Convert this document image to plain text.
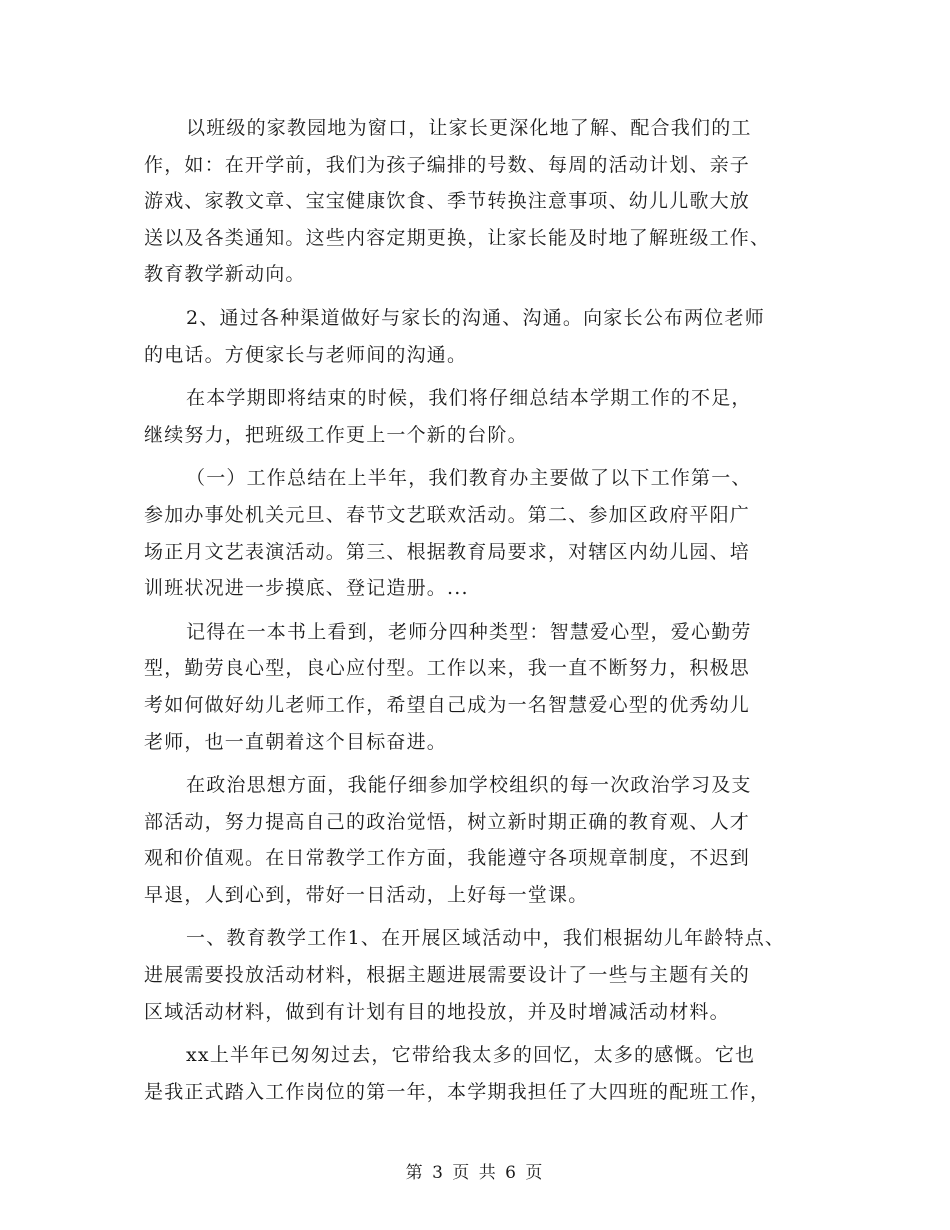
以班级的家教园地为窗口，让家长更深化地了解、配合我们的工
作，如：在开学前，我们为孩子编排的号数、每周的活动计划、亲子
游戏、家教文章、宝宝健康饮食、季节转换注意事项、幼儿儿歌大放
送以及各类通知。这些内容定期更换，让家长能及时地了解班级工作、
教育教学新动向。
2、通过各种渠道做好与家长的沟通、沟通。向家长公布两位老师
的电话。方便家长与老师间的沟通。
在本学期即将结束的时候，我们将仔细总结本学期工作的不足，
继续努力，把班级工作更上一个新的台阶。
（一）工作总结在上半年，我们教育办主要做了以下工作第一、
参加办事处机关元旦、春节文艺联欢活动。第二、参加区政府平阳广
场正月文艺表演活动。第三、根据教育局要求，对辖区内幼儿园、培
训班状况进一步摸底、登记造册。...
记得在一本书上看到，老师分四种类型：智慧爱心型，爱心勤劳
型，勤劳良心型，良心应付型。工作以来，我一直不断努力，积极思
考如何做好幼儿老师工作，希望自己成为一名智慧爱心型的优秀幼儿
老师，也一直朝着这个目标奋进。
在政治思想方面，我能仔细参加学校组织的每一次政治学习及支
部活动，努力提高自己的政治觉悟，树立新时期正确的教育观、人才
观和价值观。在日常教学工作方面，我能遵守各项规章制度，不迟到
早退，人到心到，带好一日活动，上好每一堂课。
一、教育教学工作1、在开展区域活动中，我们根据幼儿年龄特点、
进展需要投放活动材料，根据主题进展需要设计了一些与主题有关的
区域活动材料，做到有计划有目的地投放，并及时增减活动材料。
xx上半年已匆匆过去，它带给我太多的回忆，太多的感慨。它也
是我正式踏入工作岗位的第一年，本学期我担任了大四班的配班工作，
第 3 页 共 6 页
